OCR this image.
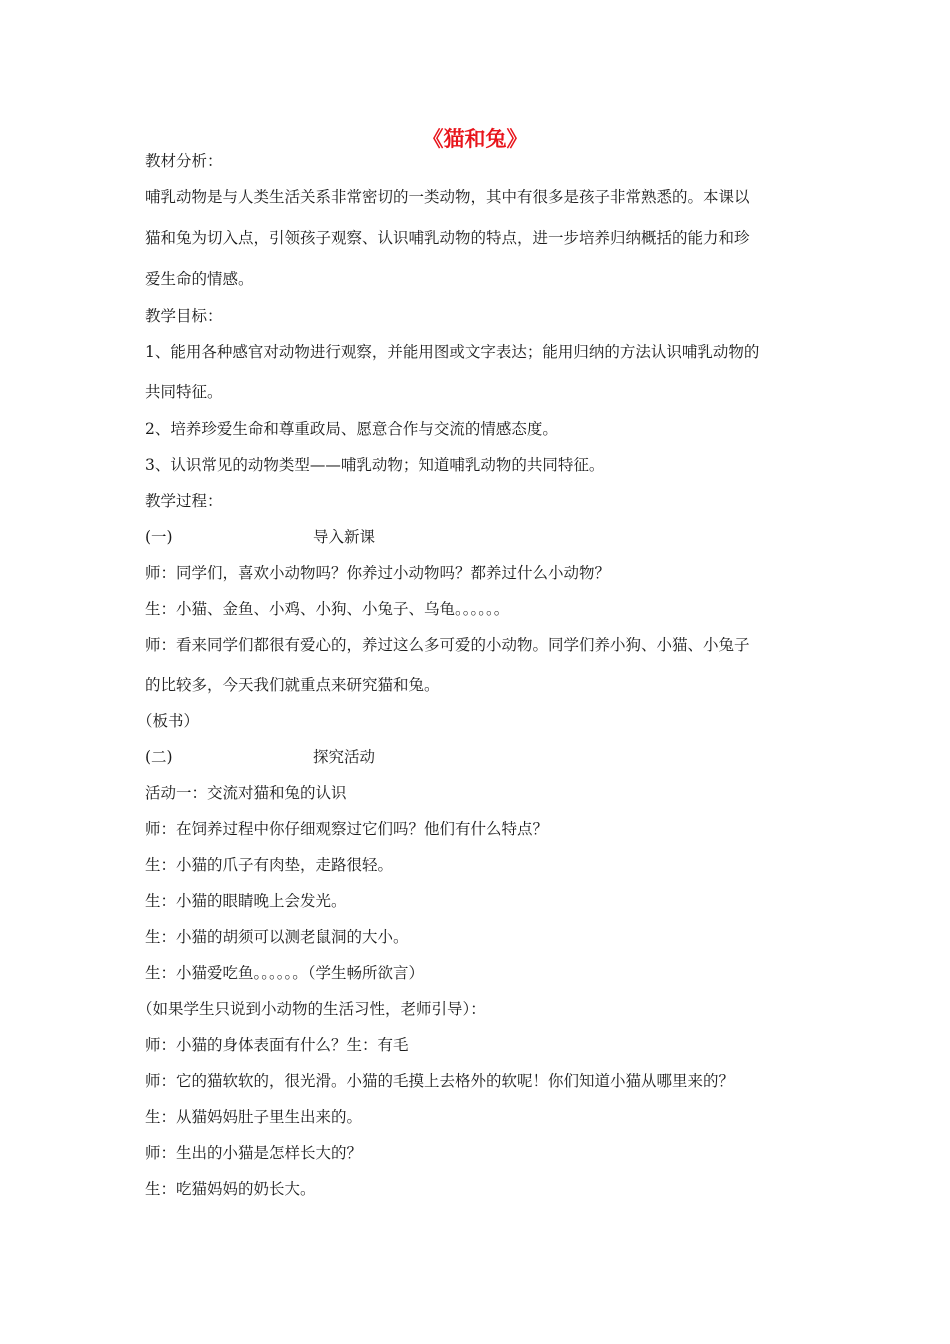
《猫和兔》
教材分析：
哺乳动物是与人类生活关系非常密切的一类动物，其中有很多是孩子非常熟悉的。本课以
猫和兔为切入点，引领孩子观察、认识哺乳动物的特点，进一步培养归纳概括的能力和珍
爱生命的情感。
教学目标：
1、能用各种感官对动物进行观察，并能用图或文字表达；能用归纳的方法认识哺乳动物的
共同特征。
2、培养珍爱生命和尊重政局、愿意合作与交流的情感态度。
3、认识常见的动物类型——哺乳动物；知道哺乳动物的共同特征。
教学过程：
(一)	导入新课
师：同学们，喜欢小动物吗？你养过小动物吗？都养过什么小动物？
生：小猫、金鱼、小鸡、小狗、小兔子、乌龟。。。。。。
师：看来同学们都很有爱心的，养过这么多可爱的小动物。同学们养小狗、小猫、小兔子
的比较多，今天我们就重点来研究猫和兔。
（板书）
(二)	探究活动
活动一：交流对猫和兔的认识
师：在饲养过程中你仔细观察过它们吗？他们有什么特点？
生：小猫的爪子有肉垫，走路很轻。
生：小猫的眼睛晚上会发光。
生：小猫的胡须可以测老鼠洞的大小。
生：小猫爱吃鱼。。。。。。（学生畅所欲言）
（如果学生只说到小动物的生活习性，老师引导）：
师：小猫的身体表面有什么？生：有毛
师：它的猫软软的，很光滑。小猫的毛摸上去格外的软呢！你们知道小猫从哪里来的？
生：从猫妈妈肚子里生出来的。
师：生出的小猫是怎样长大的？
生：吃猫妈妈的奶长大。
